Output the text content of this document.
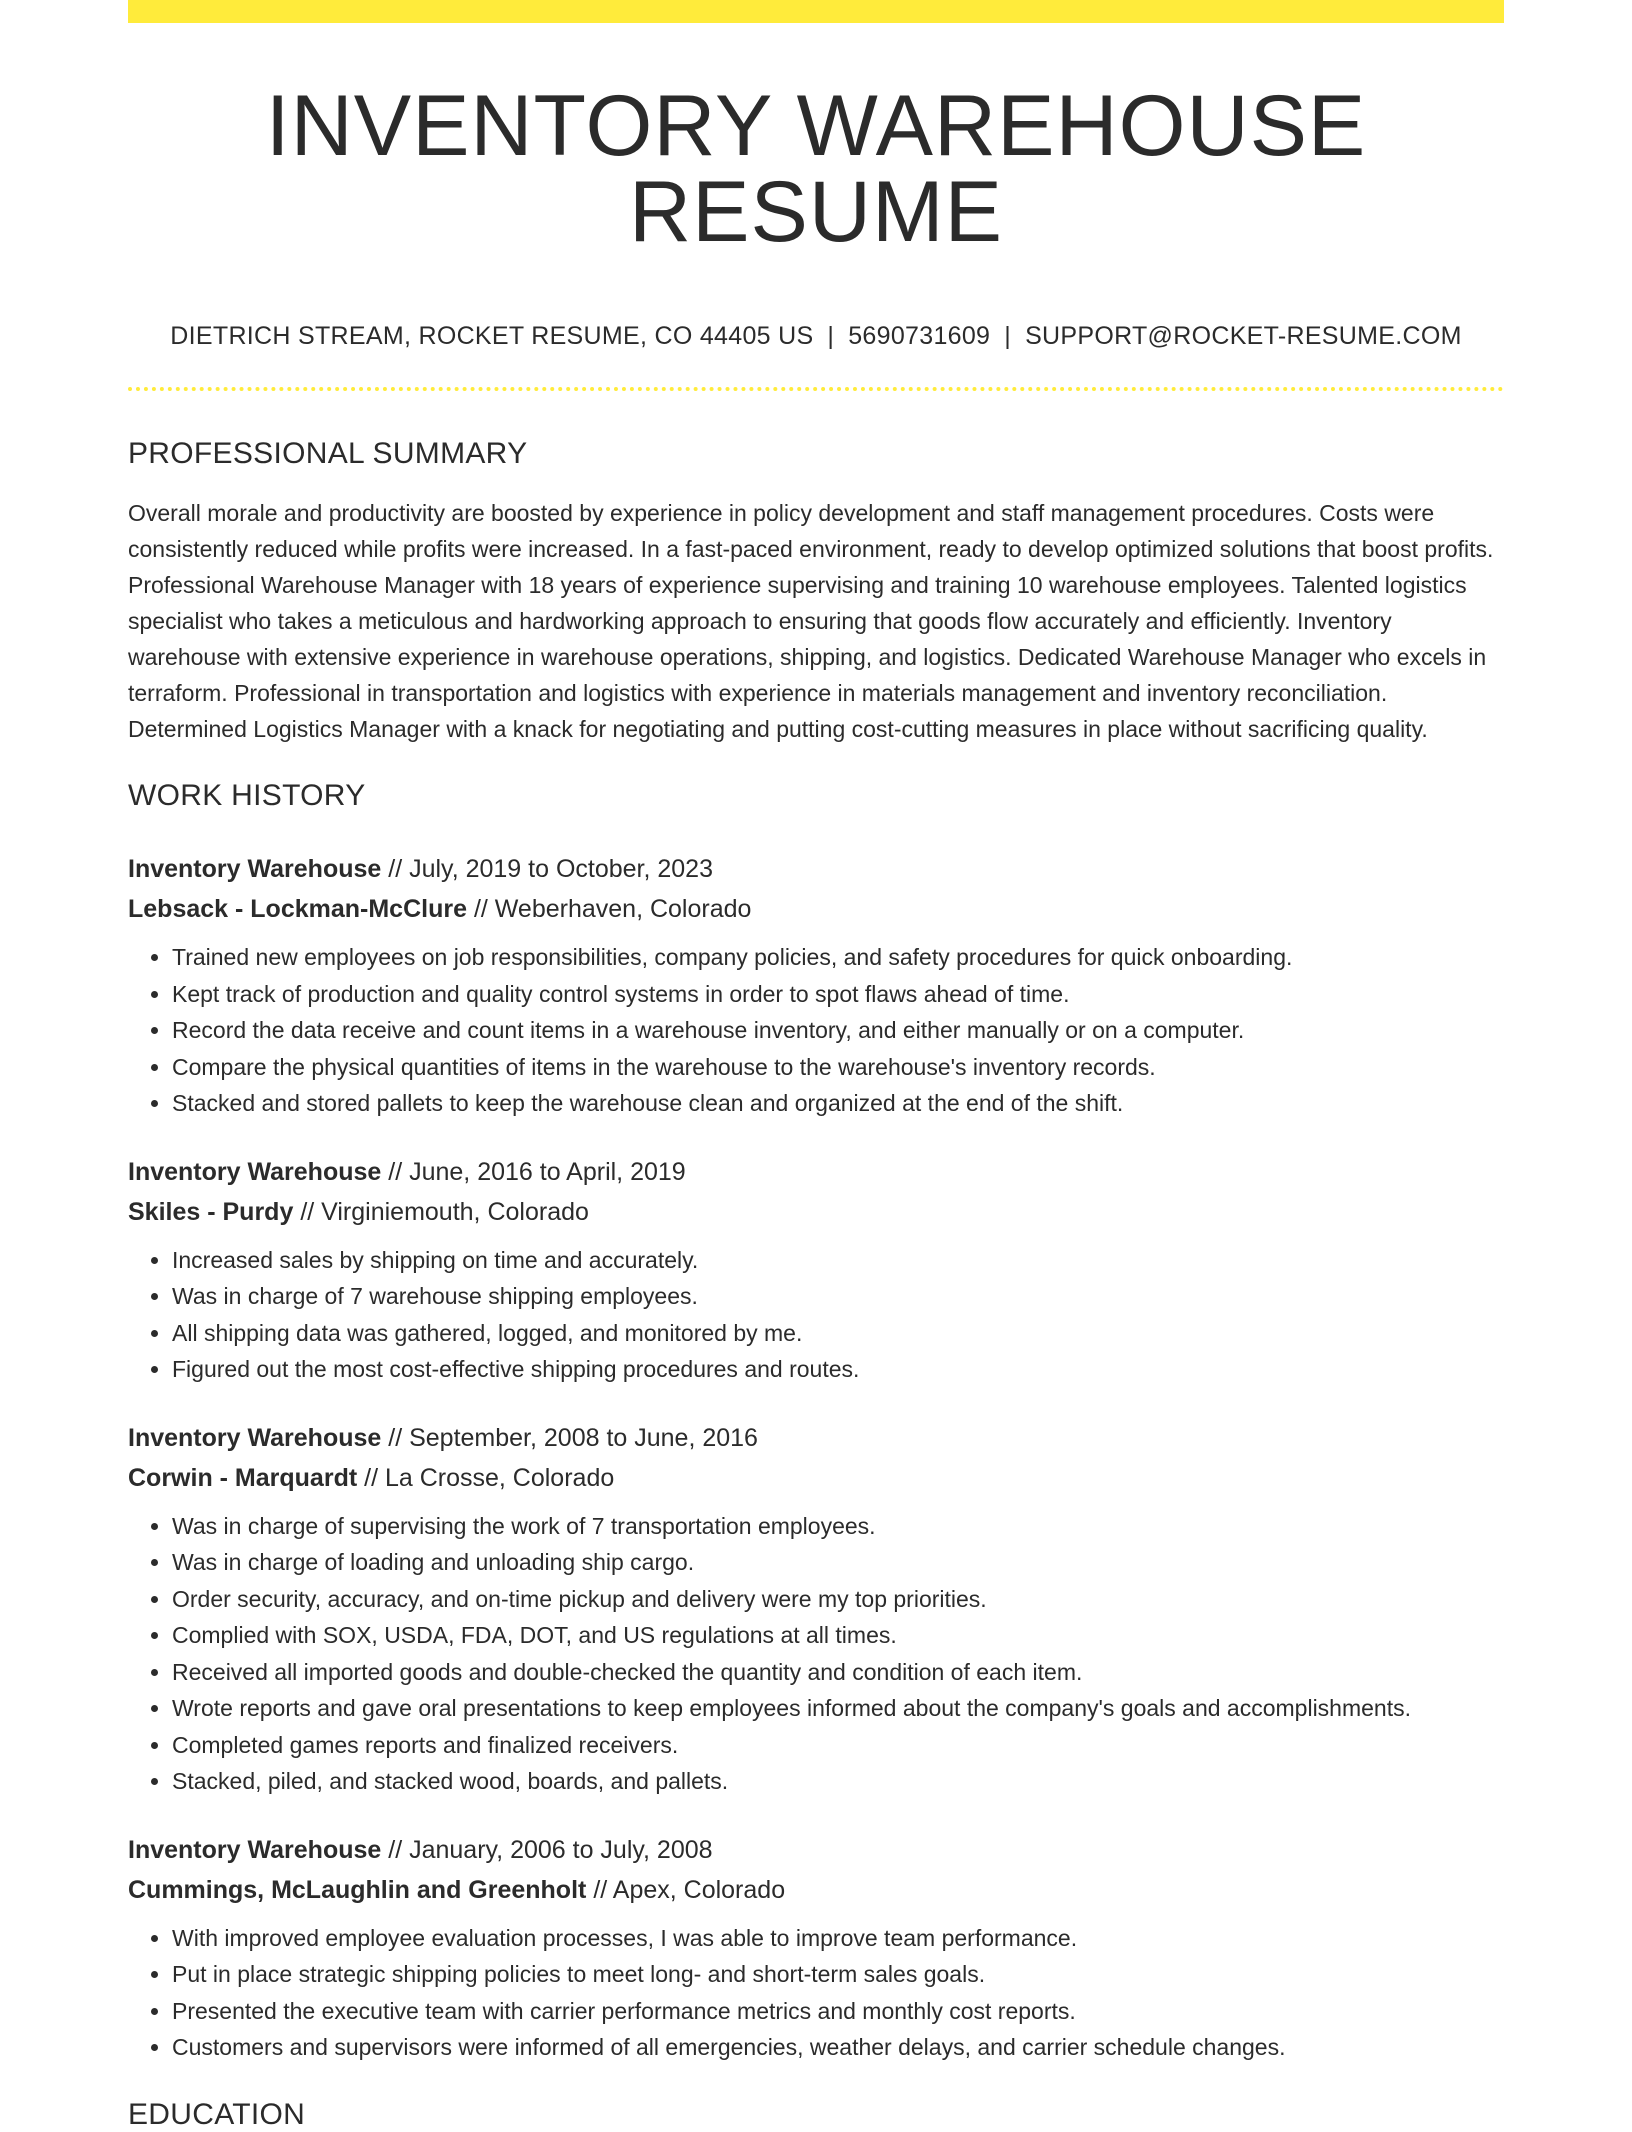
INVENTORY WAREHOUSE RESUME
DIETRICH STREAM, ROCKET RESUME, CO 44405 US | 5690731609 | SUPPORT@ROCKET-RESUME.COM
PROFESSIONAL SUMMARY
Overall morale and productivity are boosted by experience in policy development and staff management procedures. Costs were consistently reduced while profits were increased. In a fast-paced environment, ready to develop optimized solutions that boost profits. Professional Warehouse Manager with 18 years of experience supervising and training 10 warehouse employees. Talented logistics specialist who takes a meticulous and hardworking approach to ensuring that goods flow accurately and efficiently. Inventory warehouse with extensive experience in warehouse operations, shipping, and logistics. Dedicated Warehouse Manager who excels in terraform. Professional in transportation and logistics with experience in materials management and inventory reconciliation. Determined Logistics Manager with a knack for negotiating and putting cost-cutting measures in place without sacrificing quality.
WORK HISTORY
Inventory Warehouse // July, 2019 to October, 2023
Lebsack - Lockman-McClure // Weberhaven, Colorado
• Trained new employees on job responsibilities, company policies, and safety procedures for quick onboarding.
• Kept track of production and quality control systems in order to spot flaws ahead of time.
• Record the data receive and count items in a warehouse inventory, and either manually or on a computer.
• Compare the physical quantities of items in the warehouse to the warehouse's inventory records.
• Stacked and stored pallets to keep the warehouse clean and organized at the end of the shift.
Inventory Warehouse // June, 2016 to April, 2019
Skiles - Purdy // Virginiemouth, Colorado
• Increased sales by shipping on time and accurately.
• Was in charge of 7 warehouse shipping employees.
• All shipping data was gathered, logged, and monitored by me.
• Figured out the most cost-effective shipping procedures and routes.
Inventory Warehouse // September, 2008 to June, 2016
Corwin - Marquardt // La Crosse, Colorado
• Was in charge of supervising the work of 7 transportation employees.
• Was in charge of loading and unloading ship cargo.
• Order security, accuracy, and on-time pickup and delivery were my top priorities.
• Complied with SOX, USDA, FDA, DOT, and US regulations at all times.
• Received all imported goods and double-checked the quantity and condition of each item.
• Wrote reports and gave oral presentations to keep employees informed about the company's goals and accomplishments.
• Completed games reports and finalized receivers.
• Stacked, piled, and stacked wood, boards, and pallets.
Inventory Warehouse // January, 2006 to July, 2008
Cummings, McLaughlin and Greenholt // Apex, Colorado
• With improved employee evaluation processes, I was able to improve team performance.
• Put in place strategic shipping policies to meet long- and short-term sales goals.
• Presented the executive team with carrier performance metrics and monthly cost reports.
• Customers and supervisors were informed of all emergencies, weather delays, and carrier schedule changes.
EDUCATION
